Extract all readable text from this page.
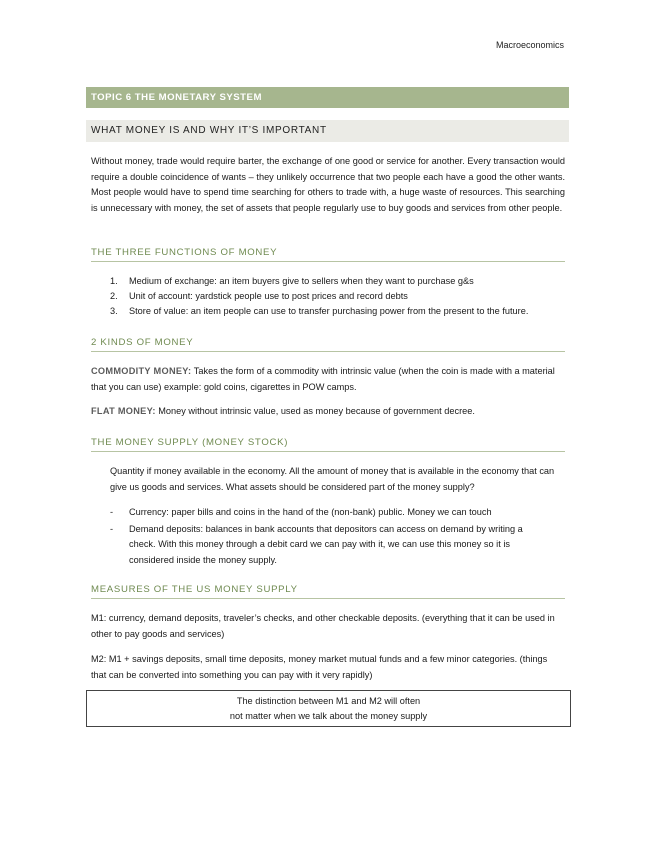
Macroeconomics
TOPIC 6 THE MONETARY SYSTEM
WHAT MONEY IS AND WHY IT’S IMPORTANT

Without money, trade would require barter, the exchange of one good or service for another. Every transaction would require a double coincidence of wants – they unlikely occurrence that two people each have a good the other wants. Most people would have to spend time searching for others to trade with, a huge waste of resources. This searching is unnecessary with money, the set of assets that people regularly use to buy goods and services from other people.

THE THREE FUNCTIONS OF MONEY
1. Medium of exchange: an item buyers give to sellers when they want to purchase g&s
2. Unit of account: yardstick people use to post prices and record debts
3. Store of value: an item people can use to transfer purchasing power from the present to the future.
2 KINDS OF MONEY

COMMODITY MONEY: Takes the form of a commodity with intrinsic value (when the coin is made with a material that you can use) example: gold coins, cigarettes in POW camps.

FLAT MONEY: Money without intrinsic value, used as money because of government decree.

THE MONEY SUPPLY (MONEY STOCK)

Quantity if money available in the economy. All the amount of money that is available in the economy that can give us goods and services. What assets should be considered part of the money supply?

- Currency: paper bills and coins in the hand of the (non-bank) public. Money we can touch
- Demand deposits: balances in bank accounts that depositors can access on demand by writing a check. With this money through a debit card we can pay with it, we can use this money so it is considered inside the money supply.
MEASURES OF THE US MONEY SUPPLY

M1: currency, demand deposits, traveler’s checks, and other checkable deposits. (everything that it can be used in other to pay goods and services)

M2: M1 + savings deposits, small time deposits, money market mutual funds and a few minor categories. (things that can be converted into something you can pay with it very rapidly)

The distinction between M1 and M2 will often
not matter when we talk about the money supply
